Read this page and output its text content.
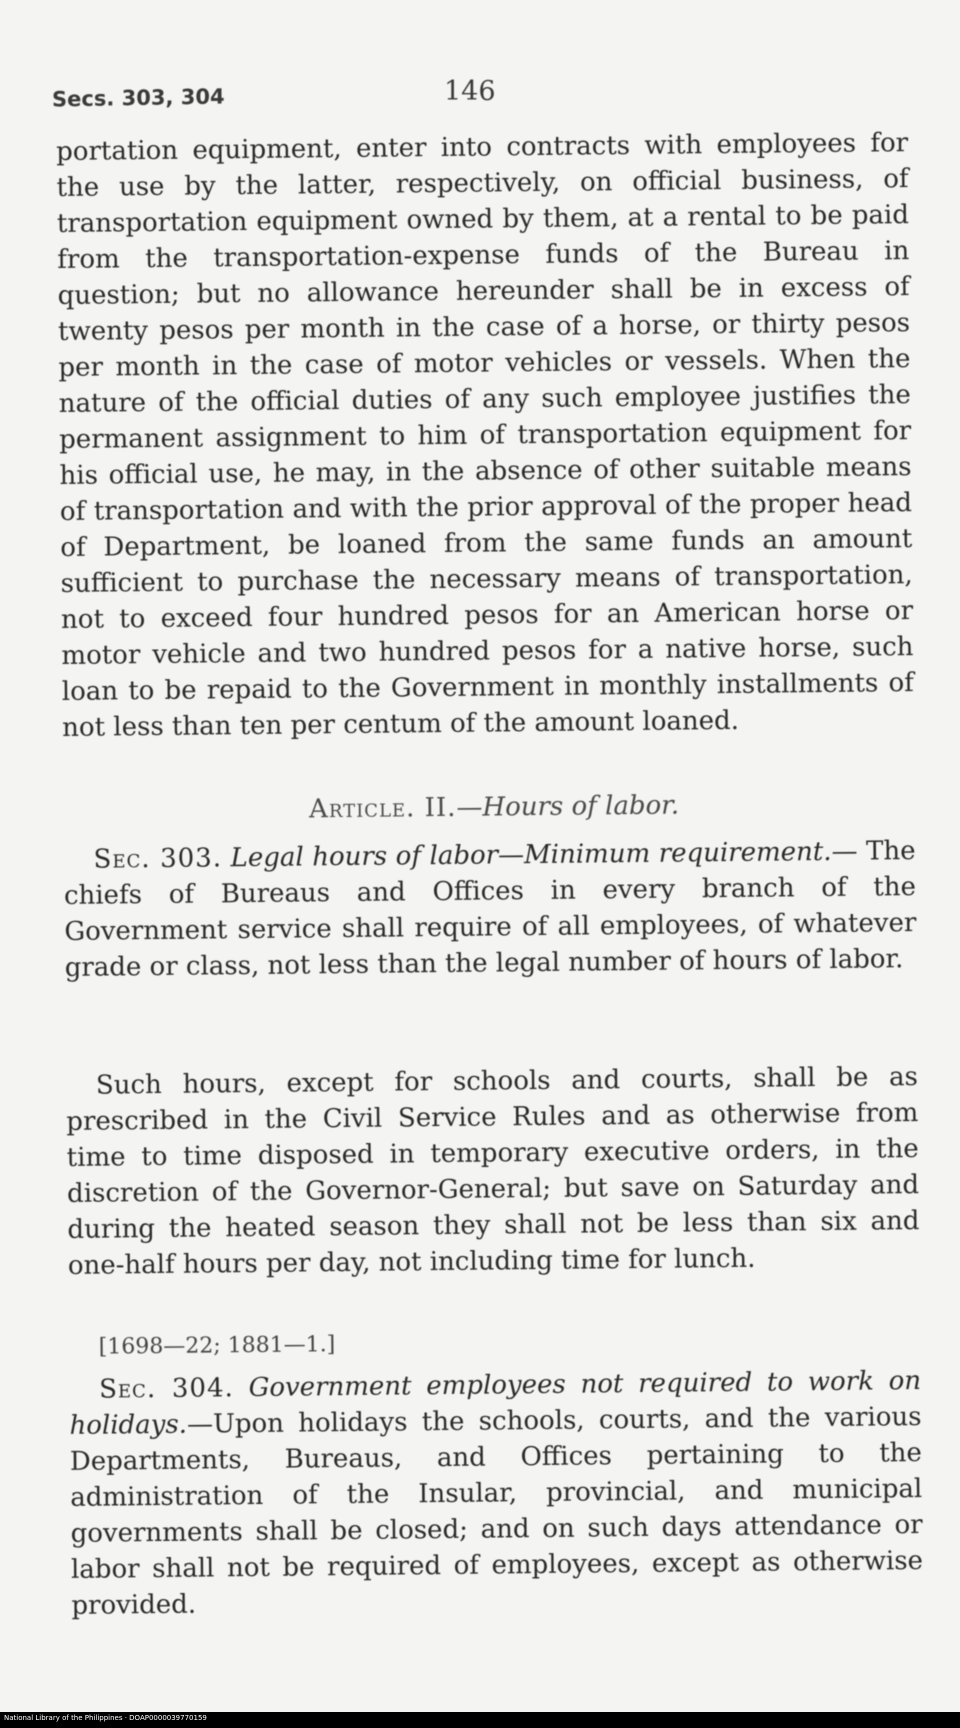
Secs. 303, 304	146

portation equipment, enter into contracts with employees for the use by the latter, respectively, on official business, of transportation equipment owned by them, at a rental to be paid from the transportation-expense funds of the Bureau in question; but no allowance hereunder shall be in excess of twenty pesos per month in the case of a horse, or thirty pesos per month in the case of motor vehicles or vessels. When the nature of the official duties of any such employee justifies the permanent assignment to him of transportation equipment for his official use, he may, in the absence of other suitable means of transportation and with the prior approval of the proper head of Department, be loaned from the same funds an amount sufficient to purchase the necessary means of transportation, not to exceed four hundred pesos for an American horse or motor vehicle and two hundred pesos for a native horse, such loan to be repaid to the Government in monthly installments of not less than ten per centum of the amount loaned.

Article. II.—Hours of labor.

Sec. 303. Legal hours of labor—Minimum requirement.— The chiefs of Bureaus and Offices in every branch of the Government service shall require of all employees, of whatever grade or class, not less than the legal number of hours of labor.

Such hours, except for schools and courts, shall be as prescribed in the Civil Service Rules and as otherwise from time to time disposed in temporary executive orders, in the discretion of the Governor-General; but save on Saturday and during the heated season they shall not be less than six and one-half hours per day, not including time for lunch.

[1698—22; 1881—1.]

Sec. 304. Government employees not required to work on holidays.—Upon holidays the schools, courts, and the various Departments, Bureaus, and Offices pertaining to the administration of the Insular, provincial, and municipal governments shall be closed; and on such days attendance or labor shall not be required of employees, except as otherwise provided.

National Library of the Philippines · DOAP0000039770159
